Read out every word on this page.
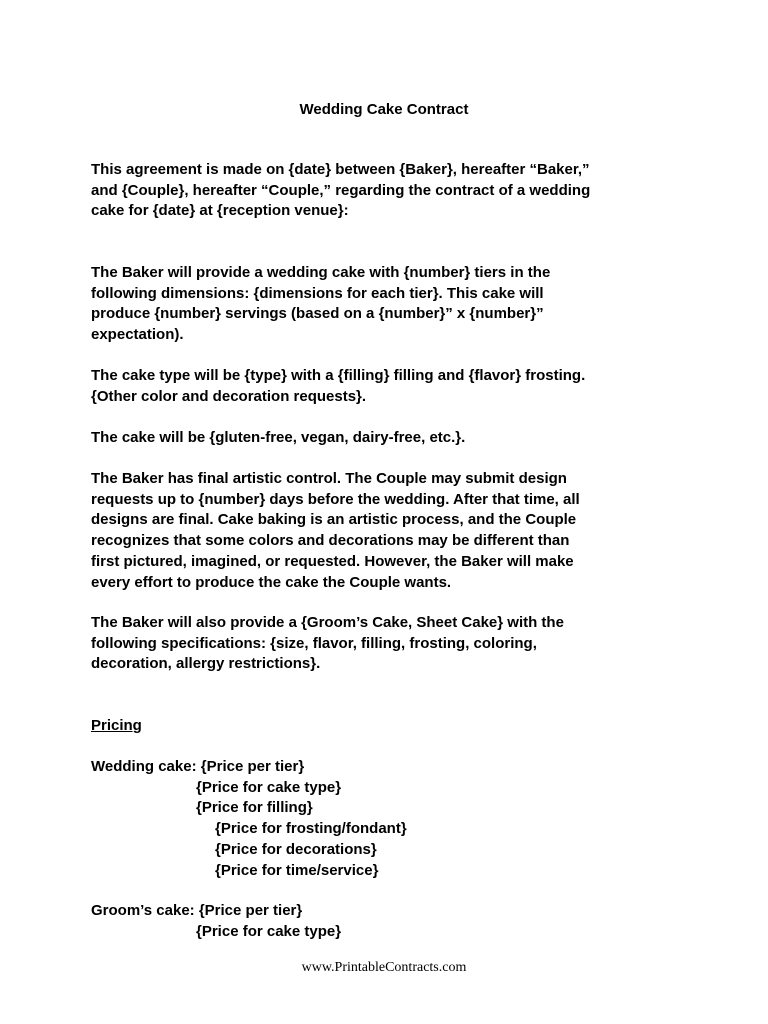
Wedding Cake Contract

This agreement is made on {date} between {Baker}, hereafter “Baker,”
and {Couple}, hereafter “Couple,” regarding the contract of a wedding
cake for {date} at {reception venue}:

The Baker will provide a wedding cake with {number} tiers in the
following dimensions: {dimensions for each tier}. This cake will
produce {number} servings (based on a {number}” x {number}”
expectation).

The cake type will be {type} with a {filling} filling and {flavor} frosting.
{Other color and decoration requests}.

The cake will be {gluten-free, vegan, dairy-free, etc.}.

The Baker has final artistic control. The Couple may submit design
requests up to {number} days before the wedding. After that time, all
designs are final. Cake baking is an artistic process, and the Couple
recognizes that some colors and decorations may be different than
first pictured, imagined, or requested. However, the Baker will make
every effort to produce the cake the Couple wants.

The Baker will also provide a {Groom’s Cake, Sheet Cake} with the
following specifications: {size, flavor, filling, frosting, coloring,
decoration, allergy restrictions}.

Pricing

Wedding cake: {Price per tier}
{Price for cake type}
{Price for filling}
{Price for frosting/fondant}
{Price for decorations}
{Price for time/service}
Groom’s cake: {Price per tier}
{Price for cake type}
www.PrintableContracts.com
